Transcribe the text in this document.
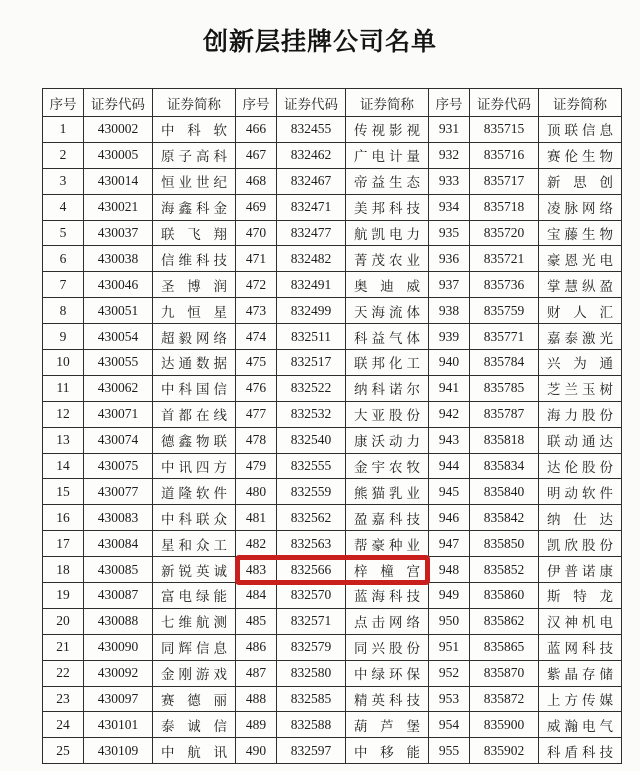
创新层挂牌公司名单
序号	证券代码	证券简称	序号	证券代码	证券简称	序号	证券代码	证券简称
1	430002	中科软	466	832455	传视影视	931	835715	顶联信息
2	430005	原子高科	467	832462	广电计量	932	835716	赛伦生物
3	430014	恒业世纪	468	832467	帝益生态	933	835717	新思创
4	430021	海鑫科金	469	832471	美邦科技	934	835718	凌脉网络
5	430037	联飞翔	470	832477	航凯电力	935	835720	宝藤生物
6	430038	信维科技	471	832482	菁茂农业	936	835721	豪恩光电
7	430046	圣博润	472	832491	奥迪威	937	835736	掌慧纵盈
8	430051	九恒星	473	832499	天海流体	938	835759	财人汇
9	430054	超毅网络	474	832511	科益气体	939	835771	嘉泰激光
10	430055	达通数据	475	832517	联邦化工	940	835784	兴为通
11	430062	中科国信	476	832522	纳科诺尔	941	835785	芝兰玉树
12	430071	首都在线	477	832532	大亚股份	942	835787	海力股份
13	430074	德鑫物联	478	832540	康沃动力	943	835818	联动通达
14	430075	中讯四方	479	832555	金宇农牧	944	835834	达伦股份
15	430077	道隆软件	480	832559	熊猫乳业	945	835840	明动软件
16	430083	中科联众	481	832562	盈嘉科技	946	835842	纳仕达
17	430084	星和众工	482	832563	帮豪种业	947	835850	凯欣股份
18	430085	新锐英诚	483	832566	梓橦宫	948	835852	伊普诺康
19	430087	富电绿能	484	832570	蓝海科技	949	835860	斯特龙
20	430088	七维航测	485	832571	点击网络	950	835862	汉神机电
21	430090	同辉信息	486	832579	同兴股份	951	835865	蓝网科技
22	430092	金刚游戏	487	832580	中绿环保	952	835870	紫晶存储
23	430097	赛德丽	488	832585	精英科技	953	835872	上方传媒
24	430101	泰诚信	489	832588	葫芦堡	954	835900	威瀚电气
25	430109	中航讯	490	832597	中移能	955	835902	科盾科技
